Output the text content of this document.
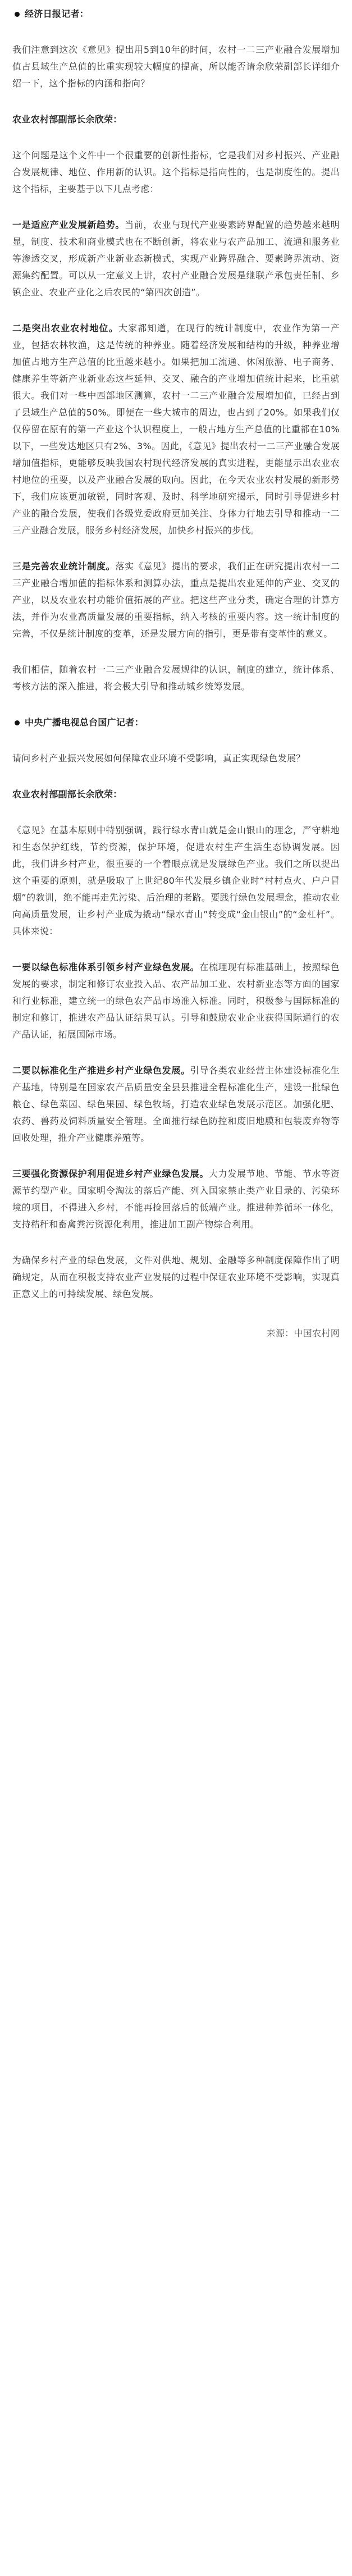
经济日报记者：

我们注意到这次《意见》提出用5到10年的时间，农村一二三产业融合发展增加值占县域生产总值的比重实现较大幅度的提高，所以能否请余欣荣副部长详细介绍一下，这个指标的内涵和指向？

农业农村部副部长余欣荣：

这个问题是这个文件中一个很重要的创新性指标，它是我们对乡村振兴、产业融合发展规律、地位、作用新的认识。这个指标是指向性的，也是制度性的。提出这个指标，主要基于以下几点考虑：

一是适应产业发展新趋势。当前，农业与现代产业要素跨界配置的趋势越来越明显，制度、技术和商业模式也在不断创新，将农业与农产品加工、流通和服务业等渗透交叉，形成新产业新业态新模式，实现产业跨界融合、要素跨界流动、资源集约配置。可以从一定意义上讲，农村产业融合发展是继联产承包责任制、乡镇企业、农业产业化之后农民的“第四次创造”。

二是突出农业农村地位。大家都知道，在现行的统计制度中，农业作为第一产业，包括农林牧渔，这是传统的种养业。随着经济发展和结构的升级，种养业增加值占地方生产总值的比重越来越小。如果把加工流通、休闲旅游、电子商务、健康养生等新产业新业态这些延伸、交叉、融合的产业增加值统计起来，比重就很大。我们对一些中西部地区测算，农村一二三产业融合发展增加值，已经占到了县域生产总值的50%。即便在一些大城市的周边，也占到了20%。如果我们仅仅停留在原有的第一产业这个认识程度上，一般占地方生产总值的比重都在10%以下，一些发达地区只有2%、3%。因此，《意见》提出农村一二三产业融合发展增加值指标，更能够反映我国农村现代经济发展的真实进程，更能显示出农业农村地位的重要，以及产业融合发展的取向。因此，在今天农业农村发展的新形势下，我们应该更加敏锐，同时客观、及时、科学地研究揭示，同时引导促进乡村产业的融合发展，使我们各级党委政府更加关注、身体力行地去引导和推动一二三产业融合发展，服务乡村经济发展，加快乡村振兴的步伐。

三是完善农业统计制度。落实《意见》提出的要求，我们正在研究提出农村一二三产业融合增加值的指标体系和测算办法，重点是提出农业延伸的产业、交叉的产业，以及农业农村功能价值拓展的产业。把这些产业分类，确定合理的计算方法，并作为农业高质量发展的重要指标，纳入考核的重要内容。这一统计制度的完善，不仅是统计制度的变革，还是发展方向的指引，更是带有变革性的意义。

我们相信，随着农村一二三产业融合发展规律的认识，制度的建立，统计体系、考核方法的深入推进，将会极大引导和推动城乡统筹发展。

中央广播电视总台国广记者：

请问乡村产业振兴发展如何保障农业环境不受影响，真正实现绿色发展？

农业农村部副部长余欣荣：

《意见》在基本原则中特别强调，践行绿水青山就是金山银山的理念，严守耕地和生态保护红线，节约资源，保护环境，促进农村生产生活生态协调发展。因此，我们讲乡村产业，很重要的一个着眼点就是发展绿色产业。我们之所以提出这个重要的原则，就是吸取了上世纪80年代发展乡镇企业时“村村点火、户户冒烟”的教训，绝不能再走先污染、后治理的老路。要践行绿色发展理念，推动农业向高质量发展，让乡村产业成为撬动“绿水青山”转变成“金山银山”的“金杠杆”。具体来说：

一要以绿色标准体系引领乡村产业绿色发展。在梳理现有标准基础上，按照绿色发展的要求，制定和修订农业投入品、农产品加工业、农村新业态等方面的国家和行业标准，建立统一的绿色农产品市场准入标准。同时，积极参与国际标准的制定和修订，推进农产品认证结果互认。引导和鼓励农业企业获得国际通行的农产品认证，拓展国际市场。

二要以标准化生产推进乡村产业绿色发展。引导各类农业经营主体建设标准化生产基地，特别是在国家农产品质量安全县县推进全程标准化生产，建设一批绿色粮仓、绿色菜园、绿色果园、绿色牧场，打造农业绿色发展示范区。加强化肥、农药、兽药及饲料质量安全管理。全面推行绿色防控和废旧地膜和包装废弃物等回收处理，推介产业健康养殖等。

三要强化资源保护利用促进乡村产业绿色发展。大力发展节地、节能、节水等资源节约型产业。国家明令淘汰的落后产能、列入国家禁止类产业目录的、污染环境的项目，不得进入乡村，不能再捡回落后的低端产业。推进种养循环一体化，支持秸秆和畜禽粪污资源化利用，推进加工副产物综合利用。

为确保乡村产业的绿色发展，文件对供地、规划、金融等多种制度保障作出了明确规定，从而在积极支持农业产业发展的过程中保证农业环境不受影响，实现真正意义上的可持续发展、绿色发展。

来源：中国农村网
